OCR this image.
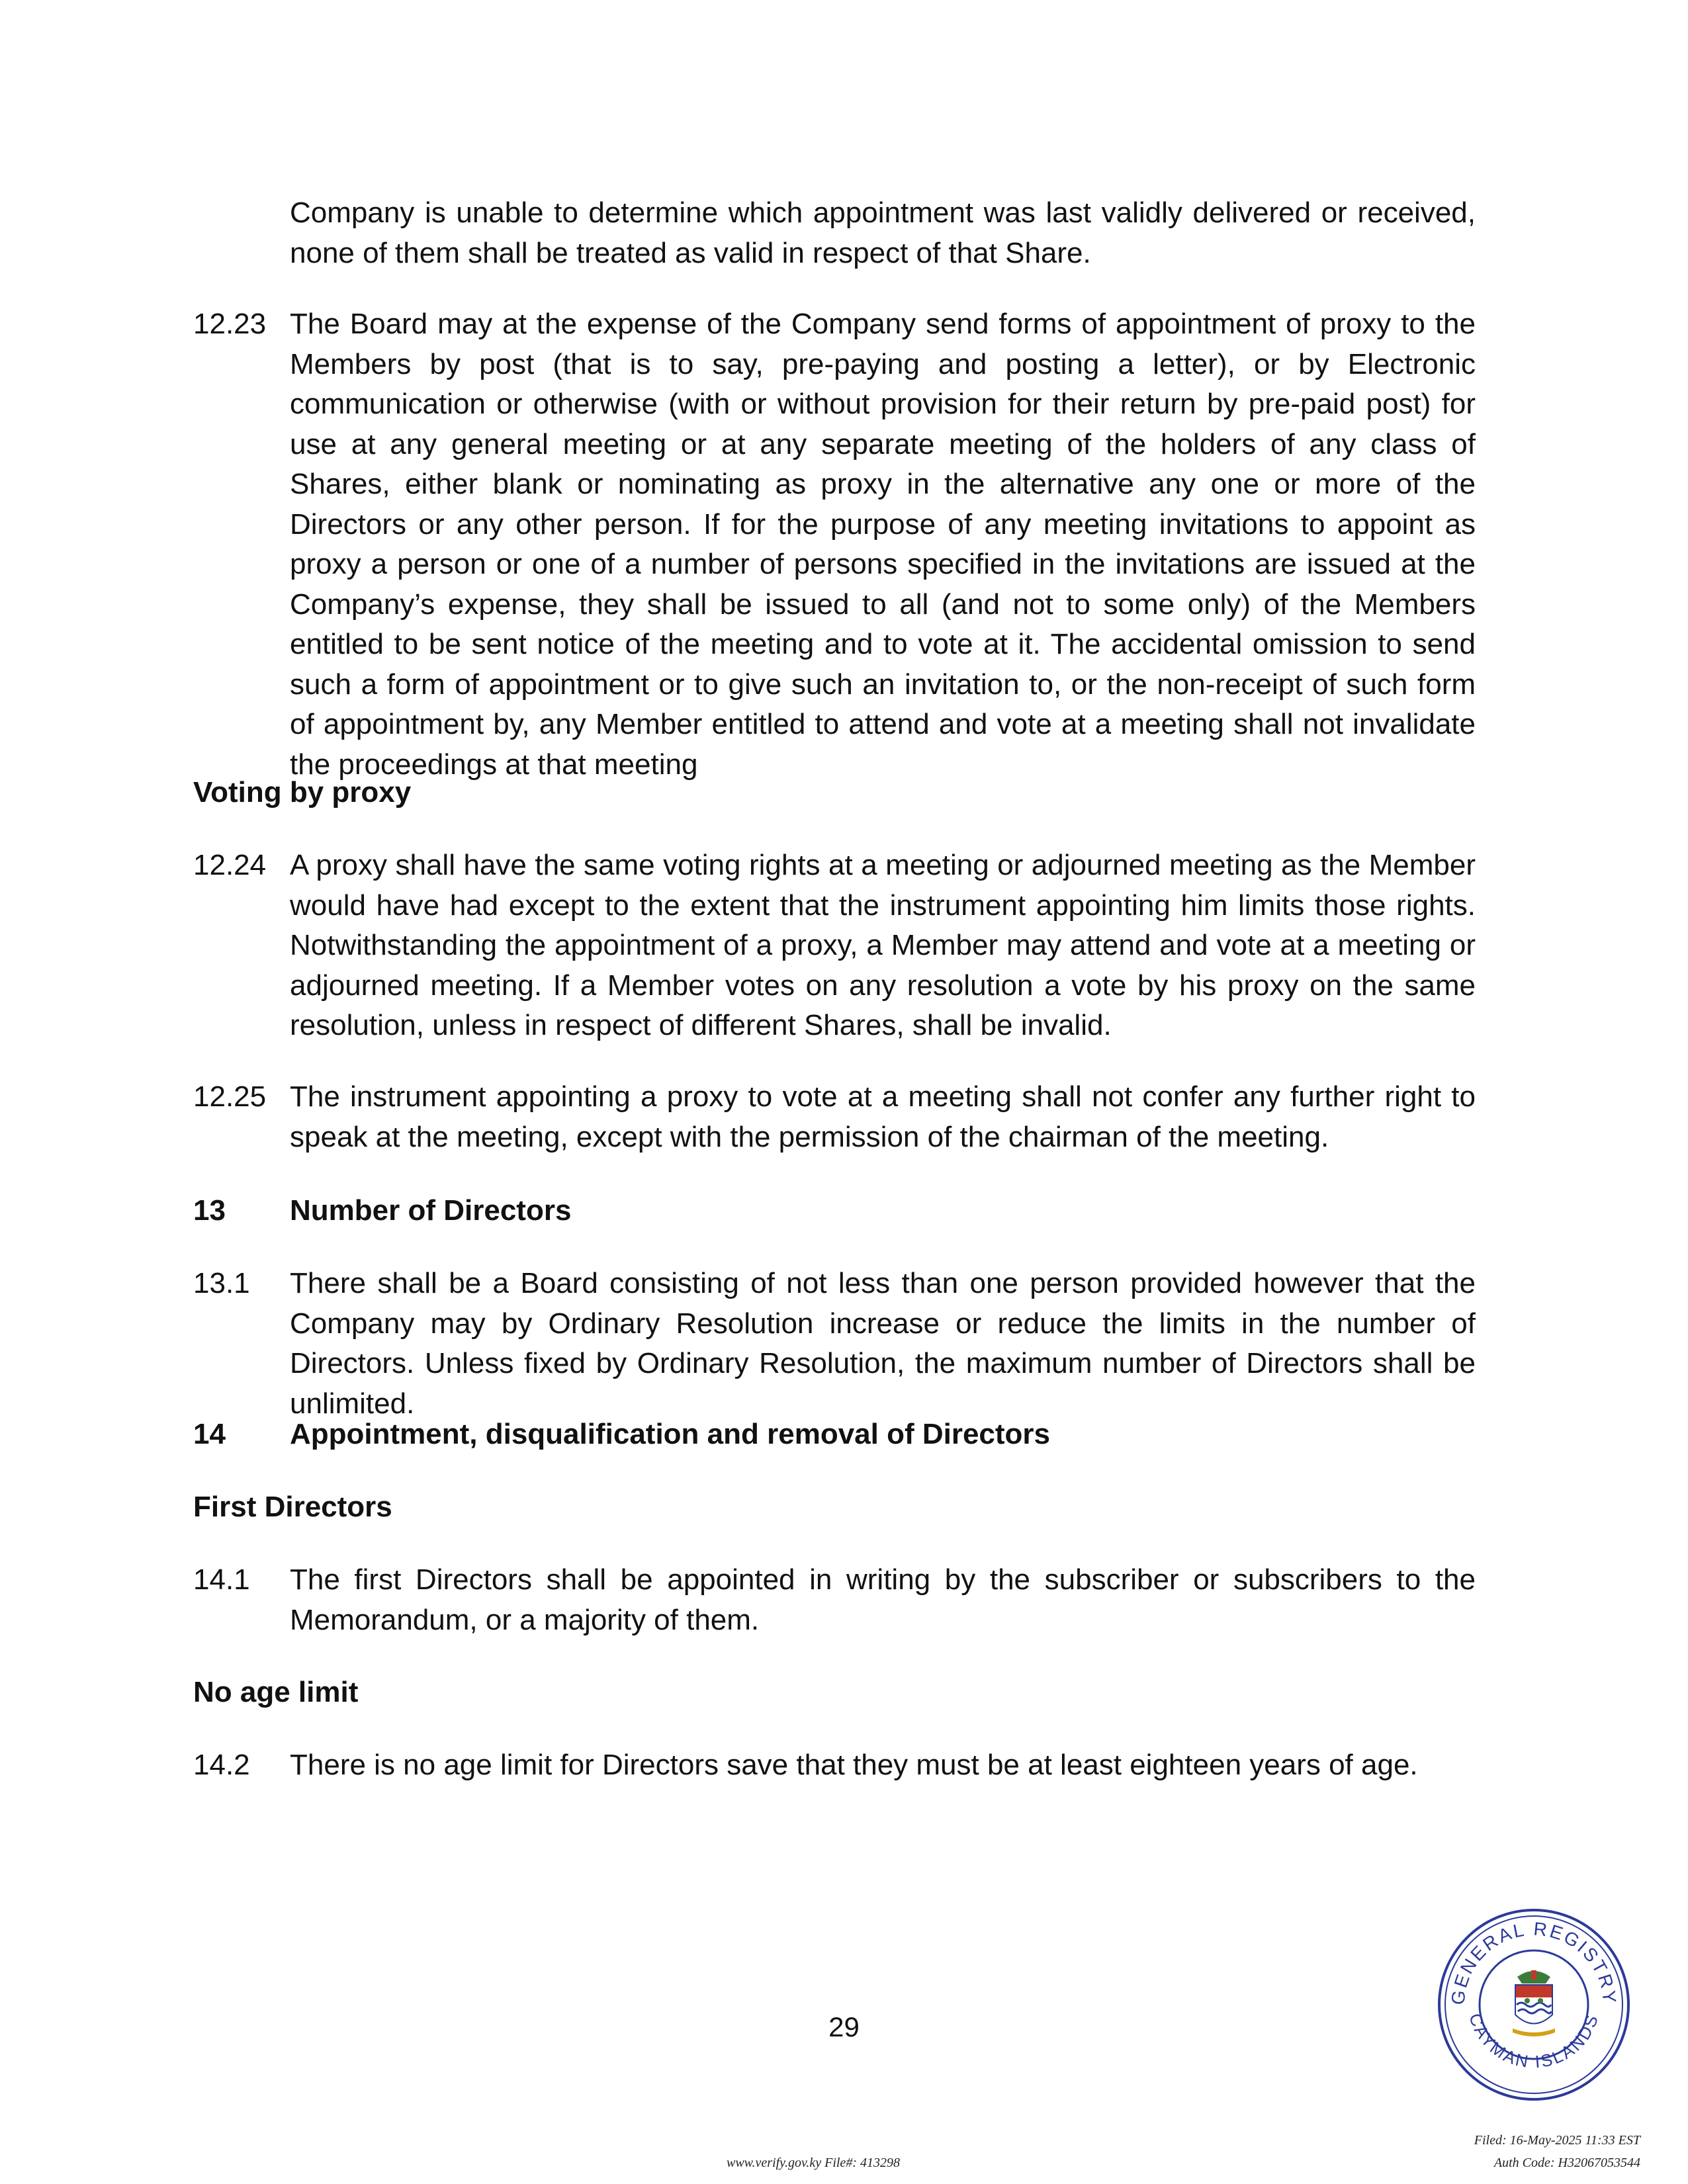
Company is unable to determine which appointment was last validly delivered or received, none of them shall be treated as valid in respect of that Share.
12.23 The Board may at the expense of the Company send forms of appointment of proxy to the Members by post (that is to say, pre-paying and posting a letter), or by Electronic communication or otherwise (with or without provision for their return by pre-paid post) for use at any general meeting or at any separate meeting of the holders of any class of Shares, either blank or nominating as proxy in the alternative any one or more of the Directors or any other person. If for the purpose of any meeting invitations to appoint as proxy a person or one of a number of persons specified in the invitations are issued at the Company’s expense, they shall be issued to all (and not to some only) of the Members entitled to be sent notice of the meeting and to vote at it. The accidental omission to send such a form of appointment or to give such an invitation to, or the non-receipt of such form of appointment by, any Member entitled to attend and vote at a meeting shall not invalidate the proceedings at that meeting
Voting by proxy
12.24 A proxy shall have the same voting rights at a meeting or adjourned meeting as the Member would have had except to the extent that the instrument appointing him limits those rights. Notwithstanding the appointment of a proxy, a Member may attend and vote at a meeting or adjourned meeting. If a Member votes on any resolution a vote by his proxy on the same resolution, unless in respect of different Shares, shall be invalid.
12.25 The instrument appointing a proxy to vote at a meeting shall not confer any further right to speak at the meeting, except with the permission of the chairman of the meeting.
13 Number of Directors
13.1 There shall be a Board consisting of not less than one person provided however that the Company may by Ordinary Resolution increase or reduce the limits in the number of Directors. Unless fixed by Ordinary Resolution, the maximum number of Directors shall be unlimited.
14 Appointment, disqualification and removal of Directors
First Directors
14.1 The first Directors shall be appointed in writing by the subscriber or subscribers to the Memorandum, or a majority of them.
No age limit
14.2 There is no age limit for Directors save that they must be at least eighteen years of age.
29
GENERAL REGISTRY
CAYMAN ISLANDS
www.verify.gov.ky File#: 413298
Filed: 16-May-2025 11:33 EST
Auth Code: H32067053544
